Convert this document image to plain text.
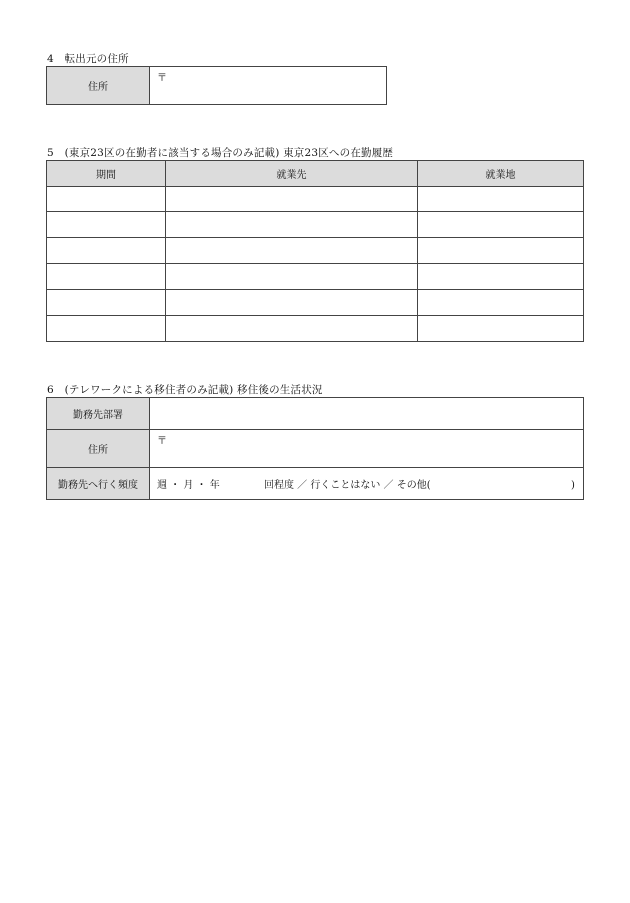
4　転出元の住所
住所	〒
5　(東京23区の在勤者に該当する場合のみ記載) 東京23区への在勤履歴
期間	就業先	就業地

6　(テレワークによる移住者のみ記載) 移住後の生活状況
勤務先部署	
住所	〒
勤務先へ行く頻度	週 ・ 月 ・ 年 回程度 ／ 行くことはない ／ その他( )
